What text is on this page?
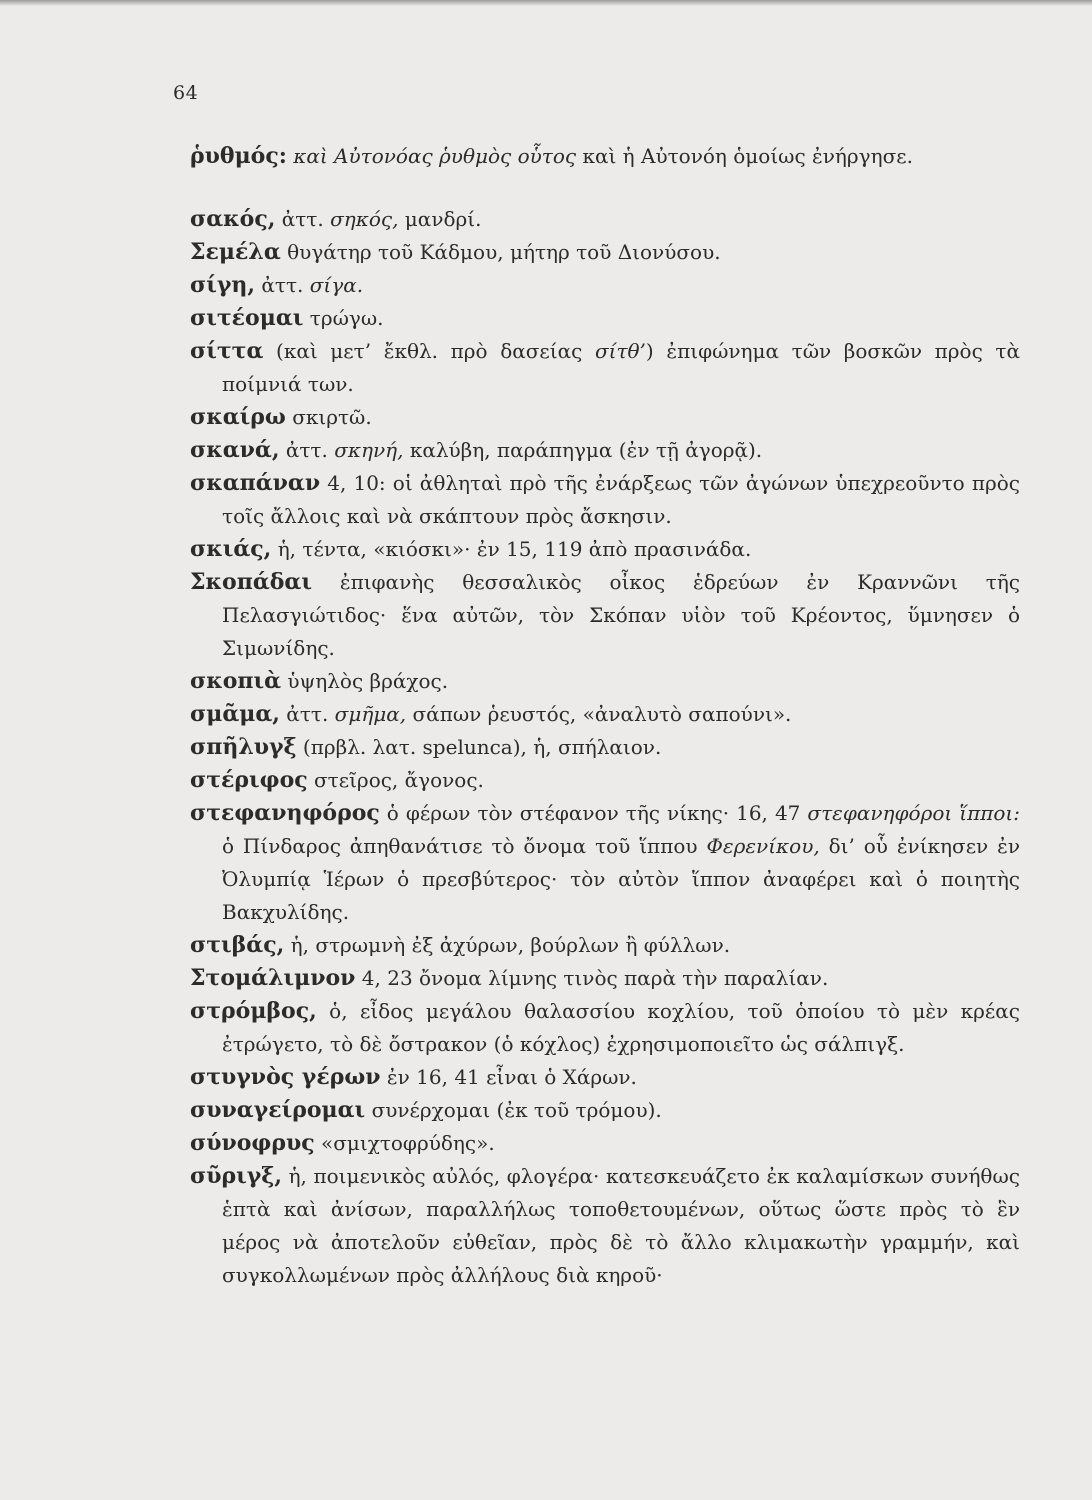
64
ῥυθμός: καὶ Αὐτονόας ῥυθμὸς οὗτος καὶ ἡ Αὐτονόη ὁμοίως ἐνήργησε.
σακός, ἀττ. σηκός, μανδρί.
Σεμέλα θυγάτηρ τοῦ Κάδμου, μήτηρ τοῦ Διονύσου.
σίγη, ἀττ. σίγα.
σιτέομαι τρώγω.
σίττα (καὶ μετ’ ἔκθλ. πρὸ δασείας σίτθ’) ἐπιφώνημα τῶν βοσκῶν πρὸς τὰ ποίμνιά των.
σκαίρω σκιρτῶ.
σκανά, ἀττ. σκηνή, καλύβη, παράπηγμα (ἐν τῇ ἀγορᾷ).
σκαπάναν 4, 10: οἱ ἀθληταὶ πρὸ τῆς ἐνάρξεως τῶν ἀγώνων ὑπεχρεοῦντο πρὸς τοῖς ἄλλοις καὶ νὰ σκάπτουν πρὸς ἄσκησιν.
σκιάς, ἡ, τέντα, «κιόσκι»· ἐν 15, 119 ἀπὸ πρασινάδα.
Σκοπάδαι ἐπιφανὴς θεσσαλικὸς οἶκος ἑδρεύων ἐν Κραννῶνι τῆς Πελασγιώτιδος· ἕνα αὐτῶν, τὸν Σκόπαν υἱὸν τοῦ Κρέοντος, ὕμνησεν ὁ Σιμωνίδης.
σκοπιὰ ὑψηλὸς βράχος.
σμᾶμα, ἀττ. σμῆμα, σάπων ῥευστός, «ἀναλυτὸ σαπούνι».
σπῆλυγξ (πρβλ. λατ. spelunca), ἡ, σπήλαιον.
στέριφος στεῖρος, ἄγονος.
στεφανηφόρος ὁ φέρων τὸν στέφανον τῆς νίκης· 16, 47 στεφανηφόροι ἵπποι: ὁ Πίνδαρος ἀπηθανάτισε τὸ ὄνομα τοῦ ἵππου Φερενίκου, δι’ οὗ ἐνίκησεν ἐν Ὀλυμπίᾳ Ἱέρων ὁ πρεσβύτερος· τὸν αὐτὸν ἵππον ἀναφέρει καὶ ὁ ποιητὴς Βακχυλίδης.
στιβάς, ἡ, στρωμνὴ ἐξ ἀχύρων, βούρλων ἢ φύλλων.
Στομάλιμνον 4, 23 ὄνομα λίμνης τινὸς παρὰ τὴν παραλίαν.
στρόμβος, ὁ, εἶδος μεγάλου θαλασσίου κοχλίου, τοῦ ὁποίου τὸ μὲν κρέας ἐτρώγετο, τὸ δὲ ὄστρακον (ὁ κόχλος) ἐχρησιμοποιεῖτο ὡς σάλπιγξ.
στυγνὸς γέρων ἐν 16, 41 εἶναι ὁ Χάρων.
συναγείρομαι συνέρχομαι (ἐκ τοῦ τρόμου).
σύνοφρυς «σμιχτοφρύδης».
σῦριγξ, ἡ, ποιμενικὸς αὐλός, φλογέρα· κατεσκευάζετο ἐκ καλαμίσκων συνήθως ἑπτὰ καὶ ἀνίσων, παραλλήλως τοποθετουμένων, οὕτως ὥστε πρὸς τὸ ἓν μέρος νὰ ἀποτελοῦν εὐθεῖαν, πρὸς δὲ τὸ ἄλλο κλιμακωτὴν γραμμήν, καὶ συγκολλωμένων πρὸς ἀλλήλους διὰ κηροῦ·
